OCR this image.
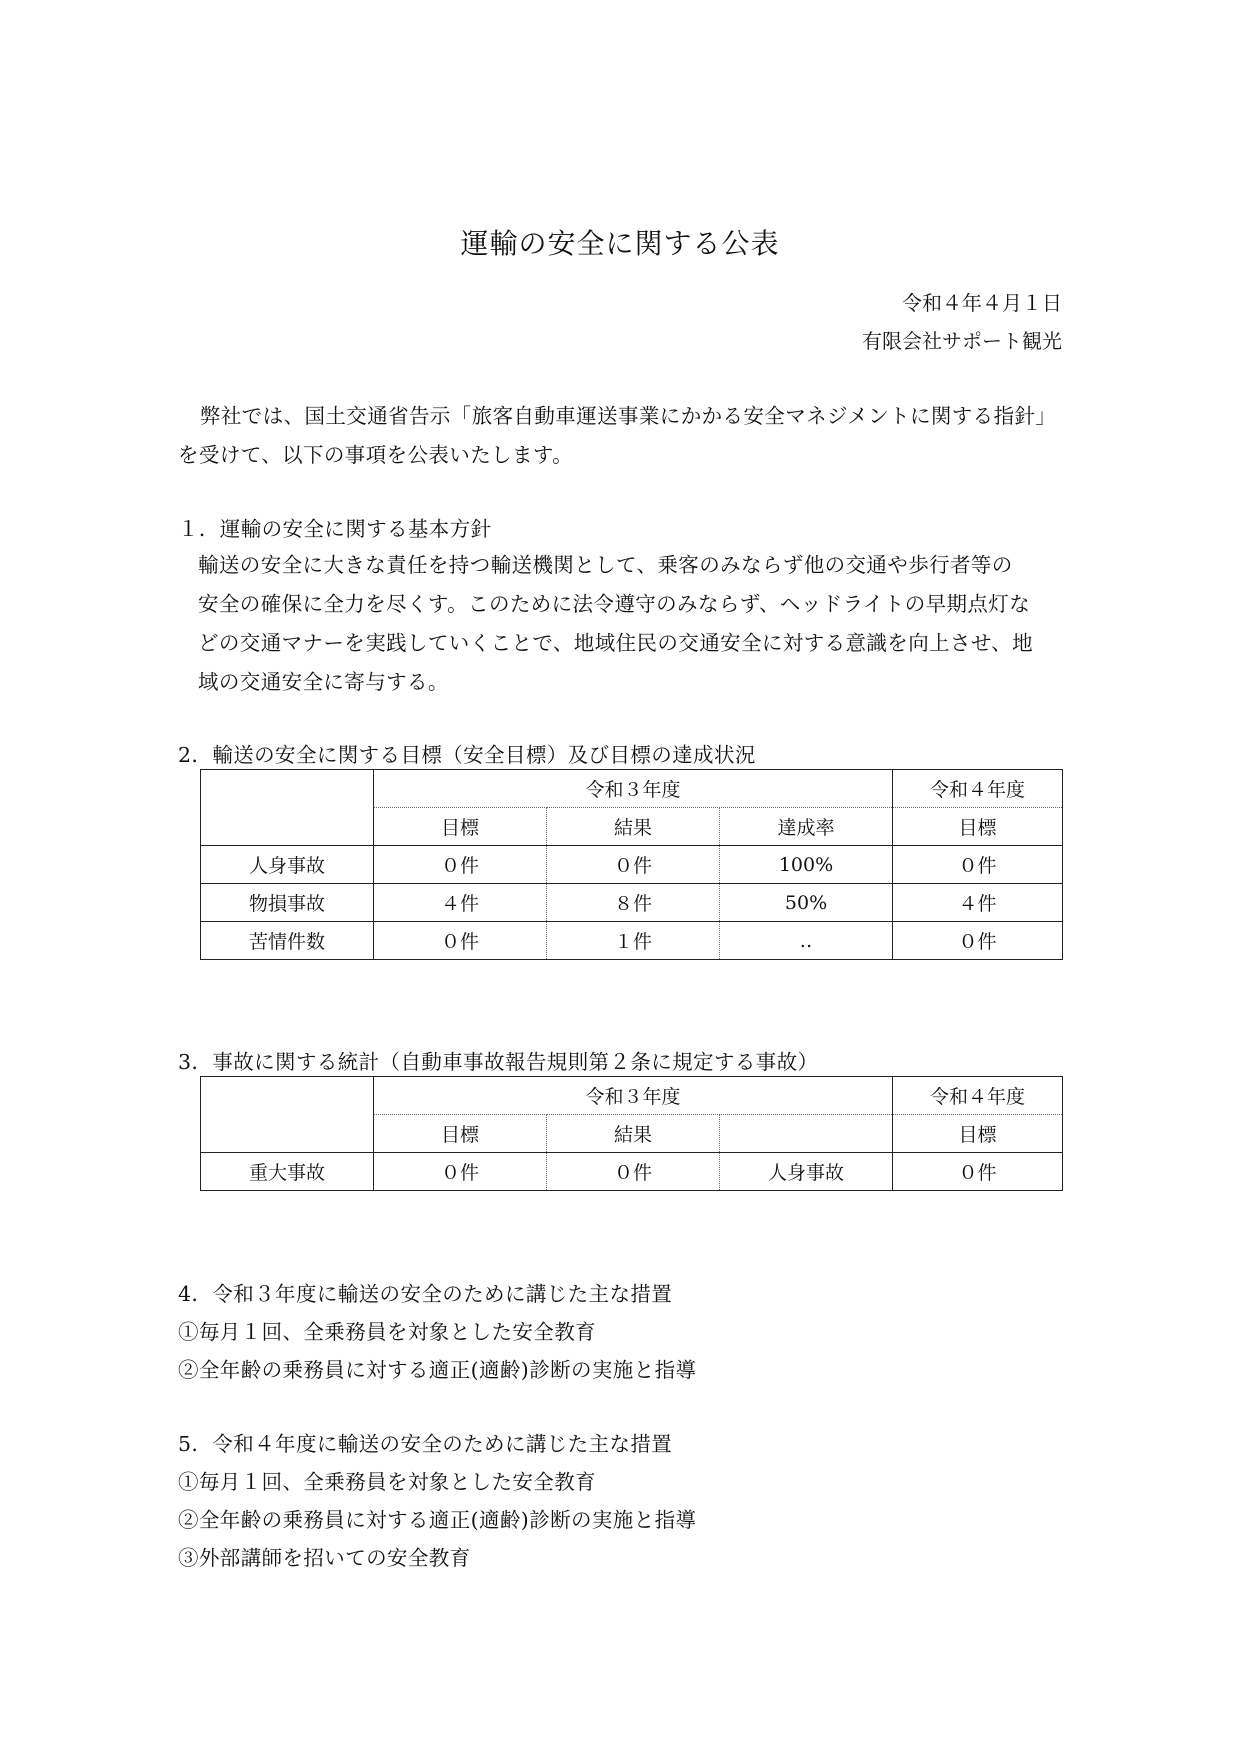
運輸の安全に関する公表
令和４年４月１日
有限会社サポート観光
弊社では、国土交通省告示「旅客自動車運送事業にかかる安全マネジメントに関する指針」
を受けて、以下の事項を公表いたします。
１．運輸の安全に関する基本方針
輸送の安全に大きな責任を持つ輸送機関として、乗客のみならず他の交通や歩行者等の
安全の確保に全力を尽くす。このために法令遵守のみならず、ヘッドライトの早期点灯な
どの交通マナーを実践していくことで、地域住民の交通安全に対する意識を向上させ、地
域の交通安全に寄与する。
2．輸送の安全に関する目標（安全目標）及び目標の達成状況
	令和３年度			令和４年度
	目標	結果	達成率	目標
人身事故	０件	０件	100%	０件
物損事故	４件	８件	50%	４件
苦情件数	０件	１件	‥	０件
3．事故に関する統計（自動車事故報告規則第２条に規定する事故）
	令和３年度			令和４年度
	目標	結果		目標
重大事故	０件	０件	人身事故	０件
4．令和３年度に輸送の安全のために講じた主な措置
①毎月１回、全乗務員を対象とした安全教育
②全年齢の乗務員に対する適正(適齢)診断の実施と指導
5．令和４年度に輸送の安全のために講じた主な措置
①毎月１回、全乗務員を対象とした安全教育
②全年齢の乗務員に対する適正(適齢)診断の実施と指導
③外部講師を招いての安全教育
